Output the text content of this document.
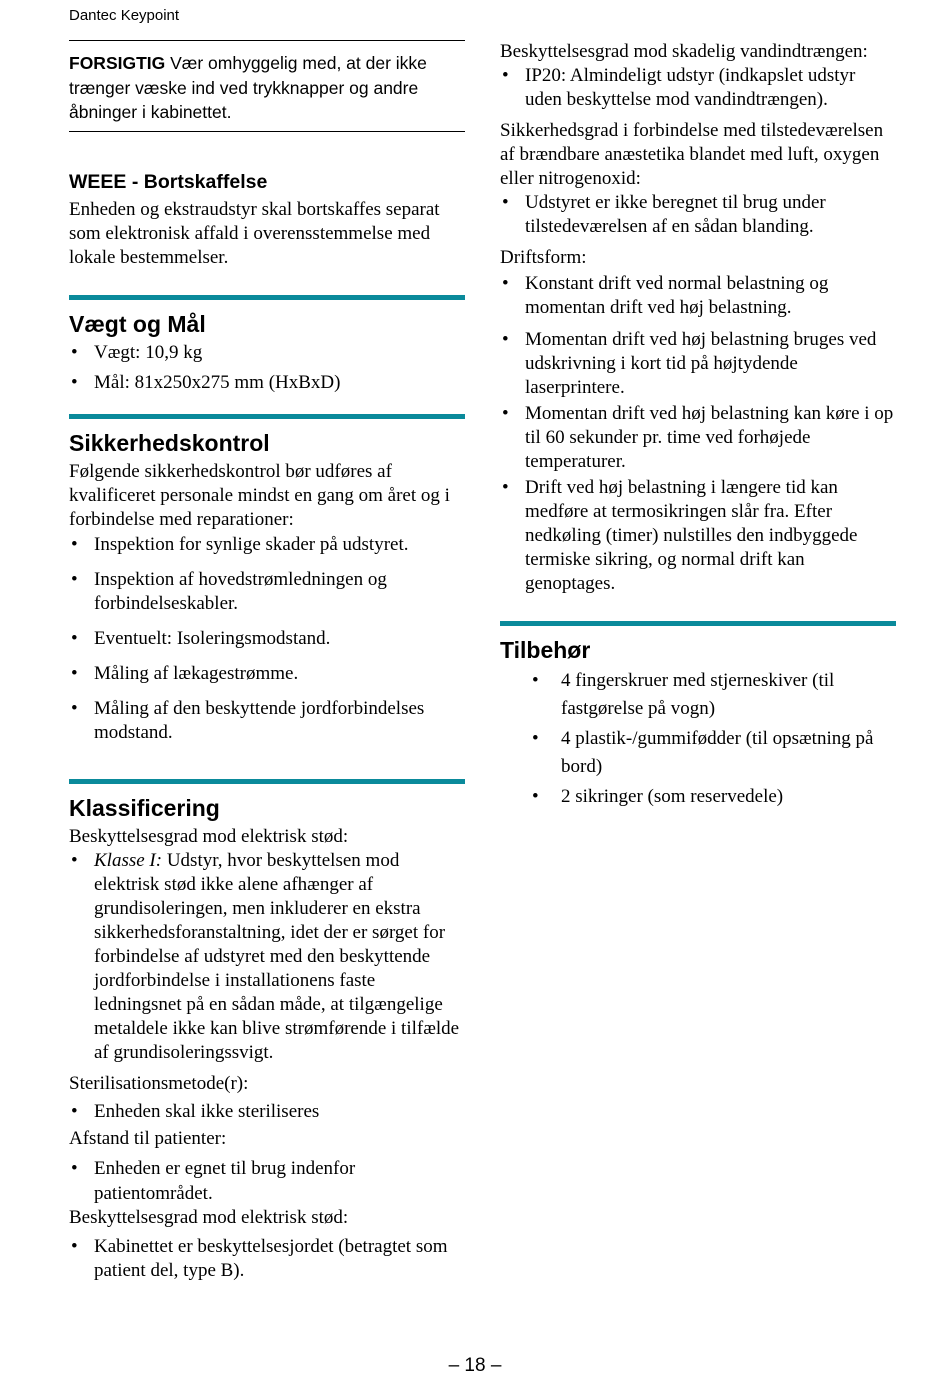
Dantec Keypoint
FORSIGTIG Vær omhyggelig med, at der ikke trænger væske ind ved trykknapper og andre åbninger i kabinettet.
WEEE - Bortskaffelse
Enheden og ekstraudstyr skal bortskaffes separat som elektronisk affald i overensstemmelse med lokale bestemmelser.
Vægt og Mål
• Vægt: 10,9 kg
• Mål: 81x250x275 mm (HxBxD)
Sikkerhedskontrol
Følgende sikkerhedskontrol bør udføres af kvalificeret personale mindst en gang om året og i forbindelse med reparationer:
• Inspektion for synlige skader på udstyret.
• Inspektion af hovedstrømledningen og forbindelseskabler.
• Eventuelt: Isoleringsmodstand.
• Måling af lækagestrømme.
• Måling af den beskyttende jordforbindelses modstand.
Klassificering
Beskyttelsesgrad mod elektrisk stød:
• Klasse I: Udstyr, hvor beskyttelsen mod elektrisk stød ikke alene afhænger af grundisoleringen, men inkluderer en ekstra sikkerhedsforanstaltning, idet der er sørget for forbindelse af udstyret med den beskyttende jordforbindelse i installationens faste ledningsnet på en sådan måde, at tilgængelige metaldele ikke kan blive strømførende i tilfælde af grundisoleringssvigt.
Sterilisationsmetode(r):
• Enheden skal ikke steriliseres
Afstand til patienter:
• Enheden er egnet til brug indenfor patientområdet.
Beskyttelsesgrad mod elektrisk stød:
• Kabinettet er beskyttelsesjordet (betragtet som patient del, type B).
Beskyttelsesgrad mod skadelig vandindtrængen:
• IP20: Almindeligt udstyr (indkapslet udstyr uden beskyttelse mod vandindtrængen).
Sikkerhedsgrad i forbindelse med tilstedeværelsen af brændbare anæstetika blandet med luft, oxygen eller nitrogenoxid:
• Udstyret er ikke beregnet til brug under tilstedeværelsen af en sådan blanding.
Driftsform:
• Konstant drift ved normal belastning og momentan drift ved høj belastning.
• Momentan drift ved høj belastning bruges ved udskrivning i kort tid på højtydende laserprintere.
• Momentan drift ved høj belastning kan køre i op til 60 sekunder pr. time ved forhøjede temperaturer.
• Drift ved høj belastning i længere tid kan medføre at termosikringen slår fra. Efter nedkøling (timer) nulstilles den indbyggede termiske sikring, og normal drift kan genoptages.
Tilbehør
• 4 fingerskruer med stjerneskiver (til fastgørelse på vogn)
• 4 plastik-/gummifødder (til opsætning på bord)
• 2 sikringer (som reservedele)
– 18 –
